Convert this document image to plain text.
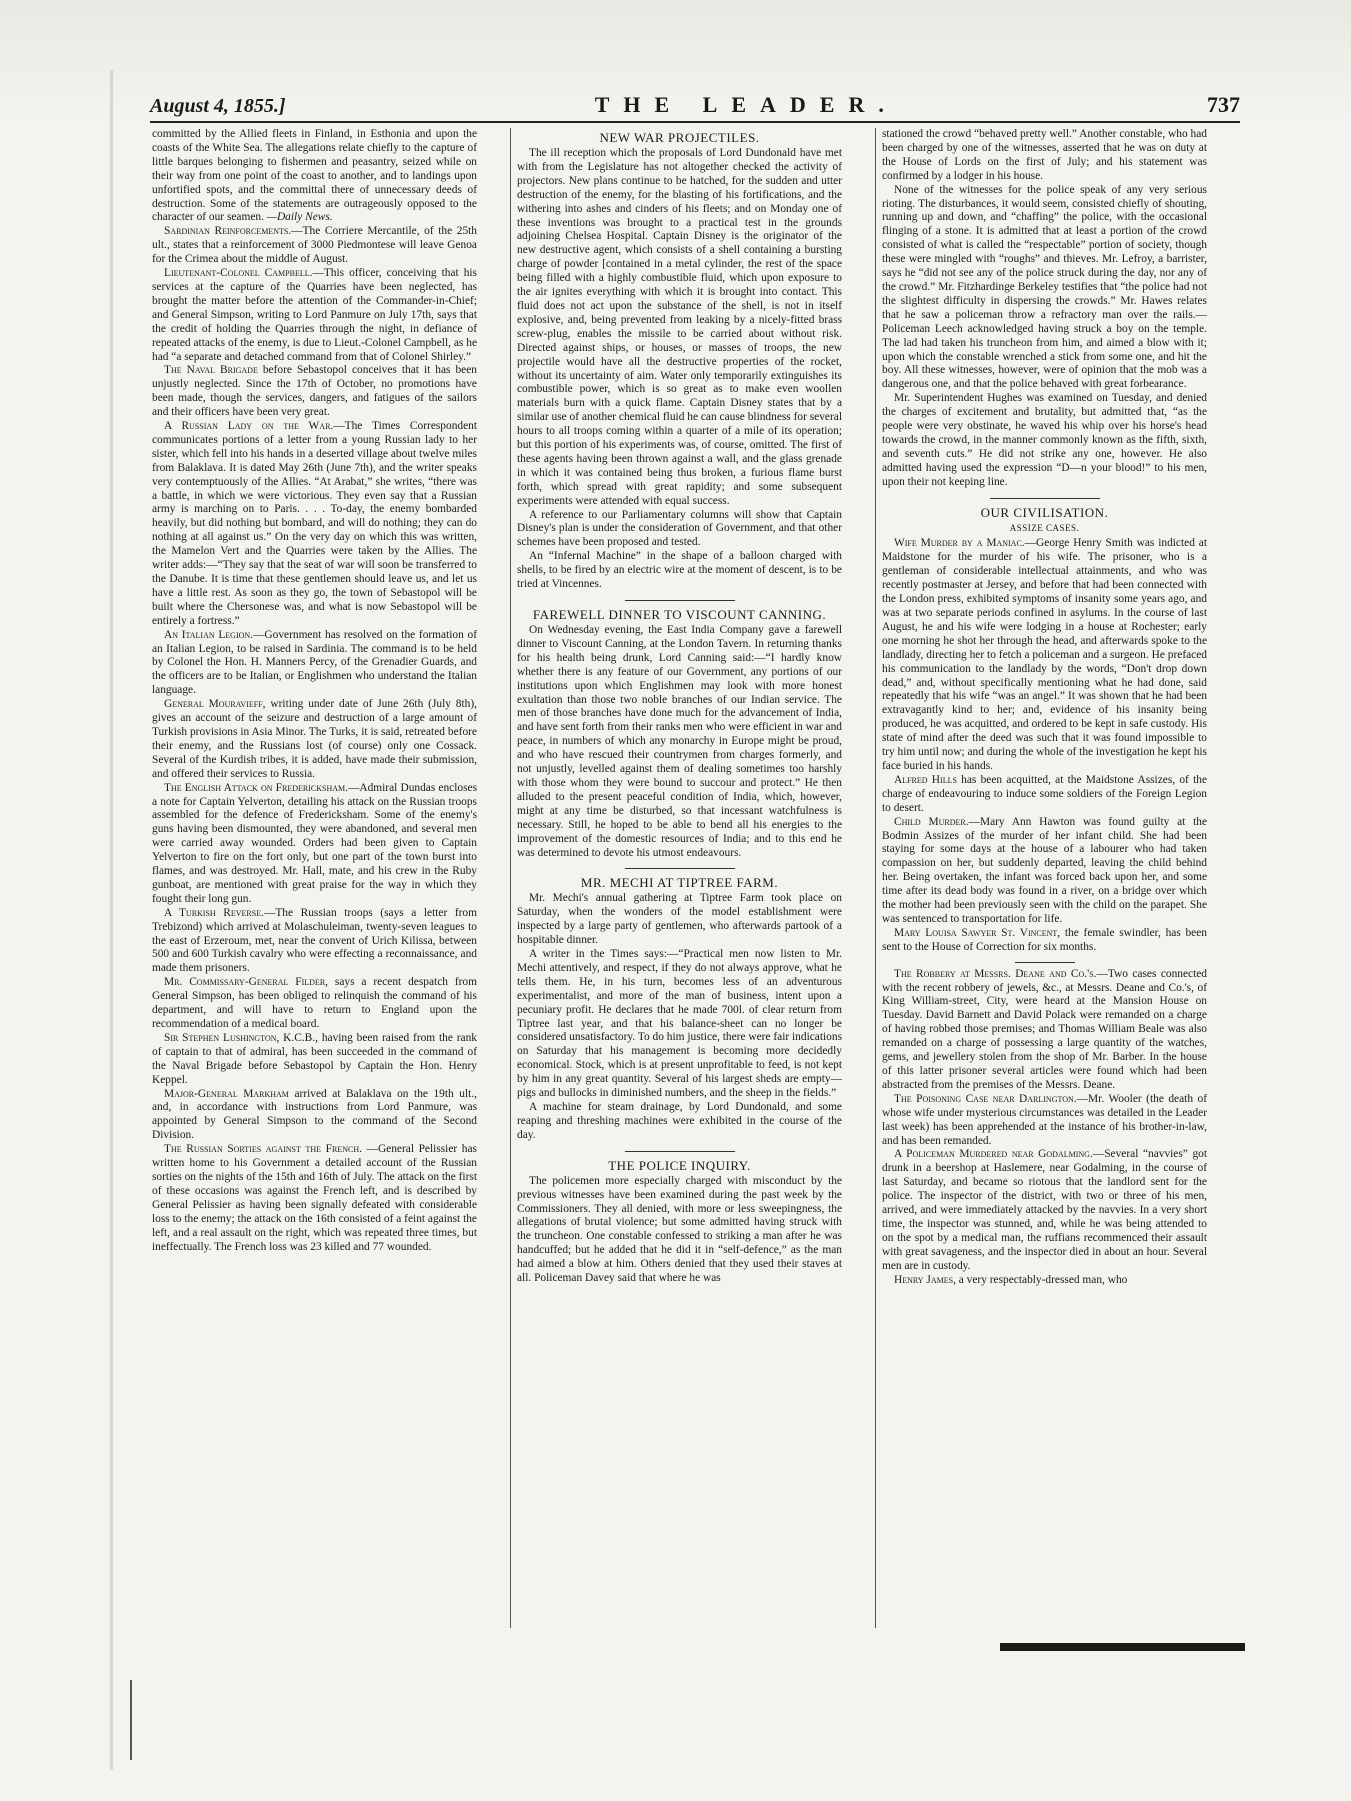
August 4, 1855.]	THE LEADER.	737

committed by the Allied fleets in Finland, in Esthonia and upon the coasts of the White Sea. The allegations relate chiefly to the capture of little barques belonging to fishermen and peasantry, seized while on their way from one point of the coast to another, and to landings upon unfortified spots, and the committal there of unnecessary deeds of destruction. Some of the statements are outrageously opposed to the character of our seamen. —Daily News.

Sardinian Reinforcements.—The Corriere Mercantile, of the 25th ult., states that a reinforcement of 3000 Piedmontese will leave Genoa for the Crimea about the middle of August.

Lieutenant-Colonel Campbell.—This officer, conceiving that his services at the capture of the Quarries have been neglected, has brought the matter before the attention of the Commander-in-Chief; and General Simpson, writing to Lord Panmure on July 17th, says that the credit of holding the Quarries through the night, in defiance of repeated attacks of the enemy, is due to Lieut.-Colonel Campbell, as he had “a separate and detached command from that of Colonel Shirley.”

The Naval Brigade before Sebastopol conceives that it has been unjustly neglected. Since the 17th of October, no promotions have been made, though the services, dangers, and fatigues of the sailors and their officers have been very great.

A Russian Lady on the War.—The Times Correspondent communicates portions of a letter from a young Russian lady to her sister, which fell into his hands in a deserted village about twelve miles from Balaklava. It is dated May 26th (June 7th), and the writer speaks very contemptuously of the Allies. “At Arabat,” she writes, “there was a battle, in which we were victorious. They even say that a Russian army is marching on to Paris. . . . To-day, the enemy bombarded heavily, but did nothing but bombard, and will do nothing; they can do nothing at all against us.” On the very day on which this was written, the Mamelon Vert and the Quarries were taken by the Allies. The writer adds:—“They say that the seat of war will soon be transferred to the Danube. It is time that these gentlemen should leave us, and let us have a little rest. As soon as they go, the town of Sebastopol will be built where the Chersonese was, and what is now Sebastopol will be entirely a fortress.”

An Italian Legion.—Government has resolved on the formation of an Italian Legion, to be raised in Sardinia. The command is to be held by Colonel the Hon. H. Manners Percy, of the Grenadier Guards, and the officers are to be Italian, or Englishmen who understand the Italian language.

General Mouravieff, writing under date of June 26th (July 8th), gives an account of the seizure and destruction of a large amount of Turkish provisions in Asia Minor. The Turks, it is said, retreated before their enemy, and the Russians lost (of course) only one Cossack. Several of the Kurdish tribes, it is added, have made their submission, and offered their services to Russia.

The English Attack on Fredericksham.—Admiral Dundas encloses a note for Captain Yelverton, detailing his attack on the Russian troops assembled for the defence of Fredericksham. Some of the enemy's guns having been dismounted, they were abandoned, and several men were carried away wounded. Orders had been given to Captain Yelverton to fire on the fort only, but one part of the town burst into flames, and was destroyed. Mr. Hall, mate, and his crew in the Ruby gunboat, are mentioned with great praise for the way in which they fought their long gun.

A Turkish Reverse.—The Russian troops (says a letter from Trebizond) which arrived at Molaschuleiman, twenty-seven leagues to the east of Erzeroum, met, near the convent of Urich Kilissa, between 500 and 600 Turkish cavalry who were effecting a reconnaissance, and made them prisoners.

Mr. Commissary-General Filder, says a recent despatch from General Simpson, has been obliged to relinquish the command of his department, and will have to return to England upon the recommendation of a medical board.

Sir Stephen Lushington, K.C.B., having been raised from the rank of captain to that of admiral, has been succeeded in the command of the Naval Brigade before Sebastopol by Captain the Hon. Henry Keppel.

Major-General Markham arrived at Balaklava on the 19th ult., and, in accordance with instructions from Lord Panmure, was appointed by General Simpson to the command of the Second Division.

The Russian Sorties against the French. —General Pelissier has written home to his Government a detailed account of the Russian sorties on the nights of the 15th and 16th of July. The attack on the first of these occasions was against the French left, and is described by General Pelissier as having been signally defeated with considerable loss to the enemy; the attack on the 16th consisted of a feint against the left, and a real assault on the right, which was repeated three times, but ineffectually. The French loss was 23 killed and 77 wounded.

NEW WAR PROJECTILES.

The ill reception which the proposals of Lord Dundonald have met with from the Legislature has not altogether checked the activity of projectors. New plans continue to be hatched, for the sudden and utter destruction of the enemy, for the blasting of his fortifications, and the withering into ashes and cinders of his fleets; and on Monday one of these inventions was brought to a practical test in the grounds adjoining Chelsea Hospital. Captain Disney is the originator of the new destructive agent, which consists of a shell containing a bursting charge of powder [contained in a metal cylinder, the rest of the space being filled with a highly combustible fluid, which upon exposure to the air ignites everything with which it is brought into contact. This fluid does not act upon the substance of the shell, is not in itself explosive, and, being prevented from leaking by a nicely-fitted brass screw-plug, enables the missile to be carried about without risk. Directed against ships, or houses, or masses of troops, the new projectile would have all the destructive properties of the rocket, without its uncertainty of aim. Water only temporarily extinguishes its combustible power, which is so great as to make even woollen materials burn with a quick flame. Captain Disney states that by a similar use of another chemical fluid he can cause blindness for several hours to all troops coming within a quarter of a mile of its operation; but this portion of his experiments was, of course, omitted. The first of these agents having been thrown against a wall, and the glass grenade in which it was contained being thus broken, a furious flame burst forth, which spread with great rapidity; and some subsequent experiments were attended with equal success.

A reference to our Parliamentary columns will show that Captain Disney's plan is under the consideration of Government, and that other schemes have been proposed and tested.

An “Infernal Machine” in the shape of a balloon charged with shells, to be fired by an electric wire at the moment of descent, is to be tried at Vincennes.

FAREWELL DINNER TO VISCOUNT CANNING.

On Wednesday evening, the East India Company gave a farewell dinner to Viscount Canning, at the London Tavern. In returning thanks for his health being drunk, Lord Canning said:—“I hardly know whether there is any feature of our Government, any portions of our institutions upon which Englishmen may look with more honest exultation than those two noble branches of our Indian service. The men of those branches have done much for the advancement of India, and have sent forth from their ranks men who were efficient in war and peace, in numbers of which any monarchy in Europe might be proud, and who have rescued their countrymen from charges formerly, and not unjustly, levelled against them of dealing sometimes too harshly with those whom they were bound to succour and protect.” He then alluded to the present peaceful condition of India, which, however, might at any time be disturbed, so that incessant watchfulness is necessary. Still, he hoped to be able to bend all his energies to the improvement of the domestic resources of India; and to this end he was determined to devote his utmost endeavours.

MR. MECHI AT TIPTREE FARM.

Mr. Mechi's annual gathering at Tiptree Farm took place on Saturday, when the wonders of the model establishment were inspected by a large party of gentlemen, who afterwards partook of a hospitable dinner.

A writer in the Times says:—“Practical men now listen to Mr. Mechi attentively, and respect, if they do not always approve, what he tells them. He, in his turn, becomes less of an adventurous experimentalist, and more of the man of business, intent upon a pecuniary profit. He declares that he made 700l. of clear return from Tiptree last year, and that his balance-sheet can no longer be considered unsatisfactory. To do him justice, there were fair indications on Saturday that his management is becoming more decidedly economical. Stock, which is at present unprofitable to feed, is not kept by him in any great quantity. Several of his largest sheds are empty—pigs and bullocks in diminished numbers, and the sheep in the fields.”

A machine for steam drainage, by Lord Dundonald, and some reaping and threshing machines were exhibited in the course of the day.

THE POLICE INQUIRY.

The policemen more especially charged with misconduct by the previous witnesses have been examined during the past week by the Commissioners. They all denied, with more or less sweepingness, the allegations of brutal violence; but some admitted having struck with the truncheon. One constable confessed to striking a man after he was handcuffed; but he added that he did it in “self-defence,” as the man had aimed a blow at him. Others denied that they used their staves at all. Policeman Davey said that where he was

stationed the crowd “behaved pretty well.” Another constable, who had been charged by one of the witnesses, asserted that he was on duty at the House of Lords on the first of July; and his statement was confirmed by a lodger in his house.

None of the witnesses for the police speak of any very serious rioting. The disturbances, it would seem, consisted chiefly of shouting, running up and down, and “chaffing” the police, with the occasional flinging of a stone. It is admitted that at least a portion of the crowd consisted of what is called the “respectable” portion of society, though these were mingled with “roughs” and thieves. Mr. Lefroy, a barrister, says he “did not see any of the police struck during the day, nor any of the crowd.” Mr. Fitzhardinge Berkeley testifies that “the police had not the slightest difficulty in dispersing the crowds.” Mr. Hawes relates that he saw a policeman throw a refractory man over the rails.—Policeman Leech acknowledged having struck a boy on the temple. The lad had taken his truncheon from him, and aimed a blow with it; upon which the constable wrenched a stick from some one, and hit the boy. All these witnesses, however, were of opinion that the mob was a dangerous one, and that the police behaved with great forbearance.

Mr. Superintendent Hughes was examined on Tuesday, and denied the charges of excitement and brutality, but admitted that, “as the people were very obstinate, he waved his whip over his horse's head towards the crowd, in the manner commonly known as the fifth, sixth, and seventh cuts.” He did not strike any one, however. He also admitted having used the expression “D—n your blood!” to his men, upon their not keeping line.

OUR CIVILISATION.
ASSIZE CASES.

Wife Murder by a Maniac.—George Henry Smith was indicted at Maidstone for the murder of his wife. The prisoner, who is a gentleman of considerable intellectual attainments, and who was recently postmaster at Jersey, and before that had been connected with the London press, exhibited symptoms of insanity some years ago, and was at two separate periods confined in asylums. In the course of last August, he and his wife were lodging in a house at Rochester; early one morning he shot her through the head, and afterwards spoke to the landlady, directing her to fetch a policeman and a surgeon. He prefaced his communication to the landlady by the words, “Don't drop down dead,” and, without specifically mentioning what he had done, said repeatedly that his wife “was an angel.” It was shown that he had been extravagantly kind to her; and, evidence of his insanity being produced, he was acquitted, and ordered to be kept in safe custody. His state of mind after the deed was such that it was found impossible to try him until now; and during the whole of the investigation he kept his face buried in his hands.

Alfred Hills has been acquitted, at the Maidstone Assizes, of the charge of endeavouring to induce some soldiers of the Foreign Legion to desert.

Child Murder.—Mary Ann Hawton was found guilty at the Bodmin Assizes of the murder of her infant child. She had been staying for some days at the house of a labourer who had taken compassion on her, but suddenly departed, leaving the child behind her. Being overtaken, the infant was forced back upon her, and some time after its dead body was found in a river, on a bridge over which the mother had been previously seen with the child on the parapet. She was sentenced to transportation for life.

Mary Louisa Sawyer St. Vincent, the female swindler, has been sent to the House of Correction for six months.

The Robbery at Messrs. Deane and Co.'s.—Two cases connected with the recent robbery of jewels, &c., at Messrs. Deane and Co.'s, of King William-street, City, were heard at the Mansion House on Tuesday. David Barnett and David Polack were remanded on a charge of having robbed those premises; and Thomas William Beale was also remanded on a charge of possessing a large quantity of the watches, gems, and jewellery stolen from the shop of Mr. Barber. In the house of this latter prisoner several articles were found which had been abstracted from the premises of the Messrs. Deane.

The Poisoning Case near Darlington.—Mr. Wooler (the death of whose wife under mysterious circumstances was detailed in the Leader last week) has been apprehended at the instance of his brother-in-law, and has been remanded.

A Policeman Murdered near Godalming.—Several “navvies” got drunk in a beershop at Haslemere, near Godalming, in the course of last Saturday, and became so riotous that the landlord sent for the police. The inspector of the district, with two or three of his men, arrived, and were immediately attacked by the navvies. In a very short time, the inspector was stunned, and, while he was being attended to on the spot by a medical man, the ruffians recommenced their assault with great savageness, and the inspector died in about an hour. Several men are in custody.

Henry James, a very respectably-dressed man, who
